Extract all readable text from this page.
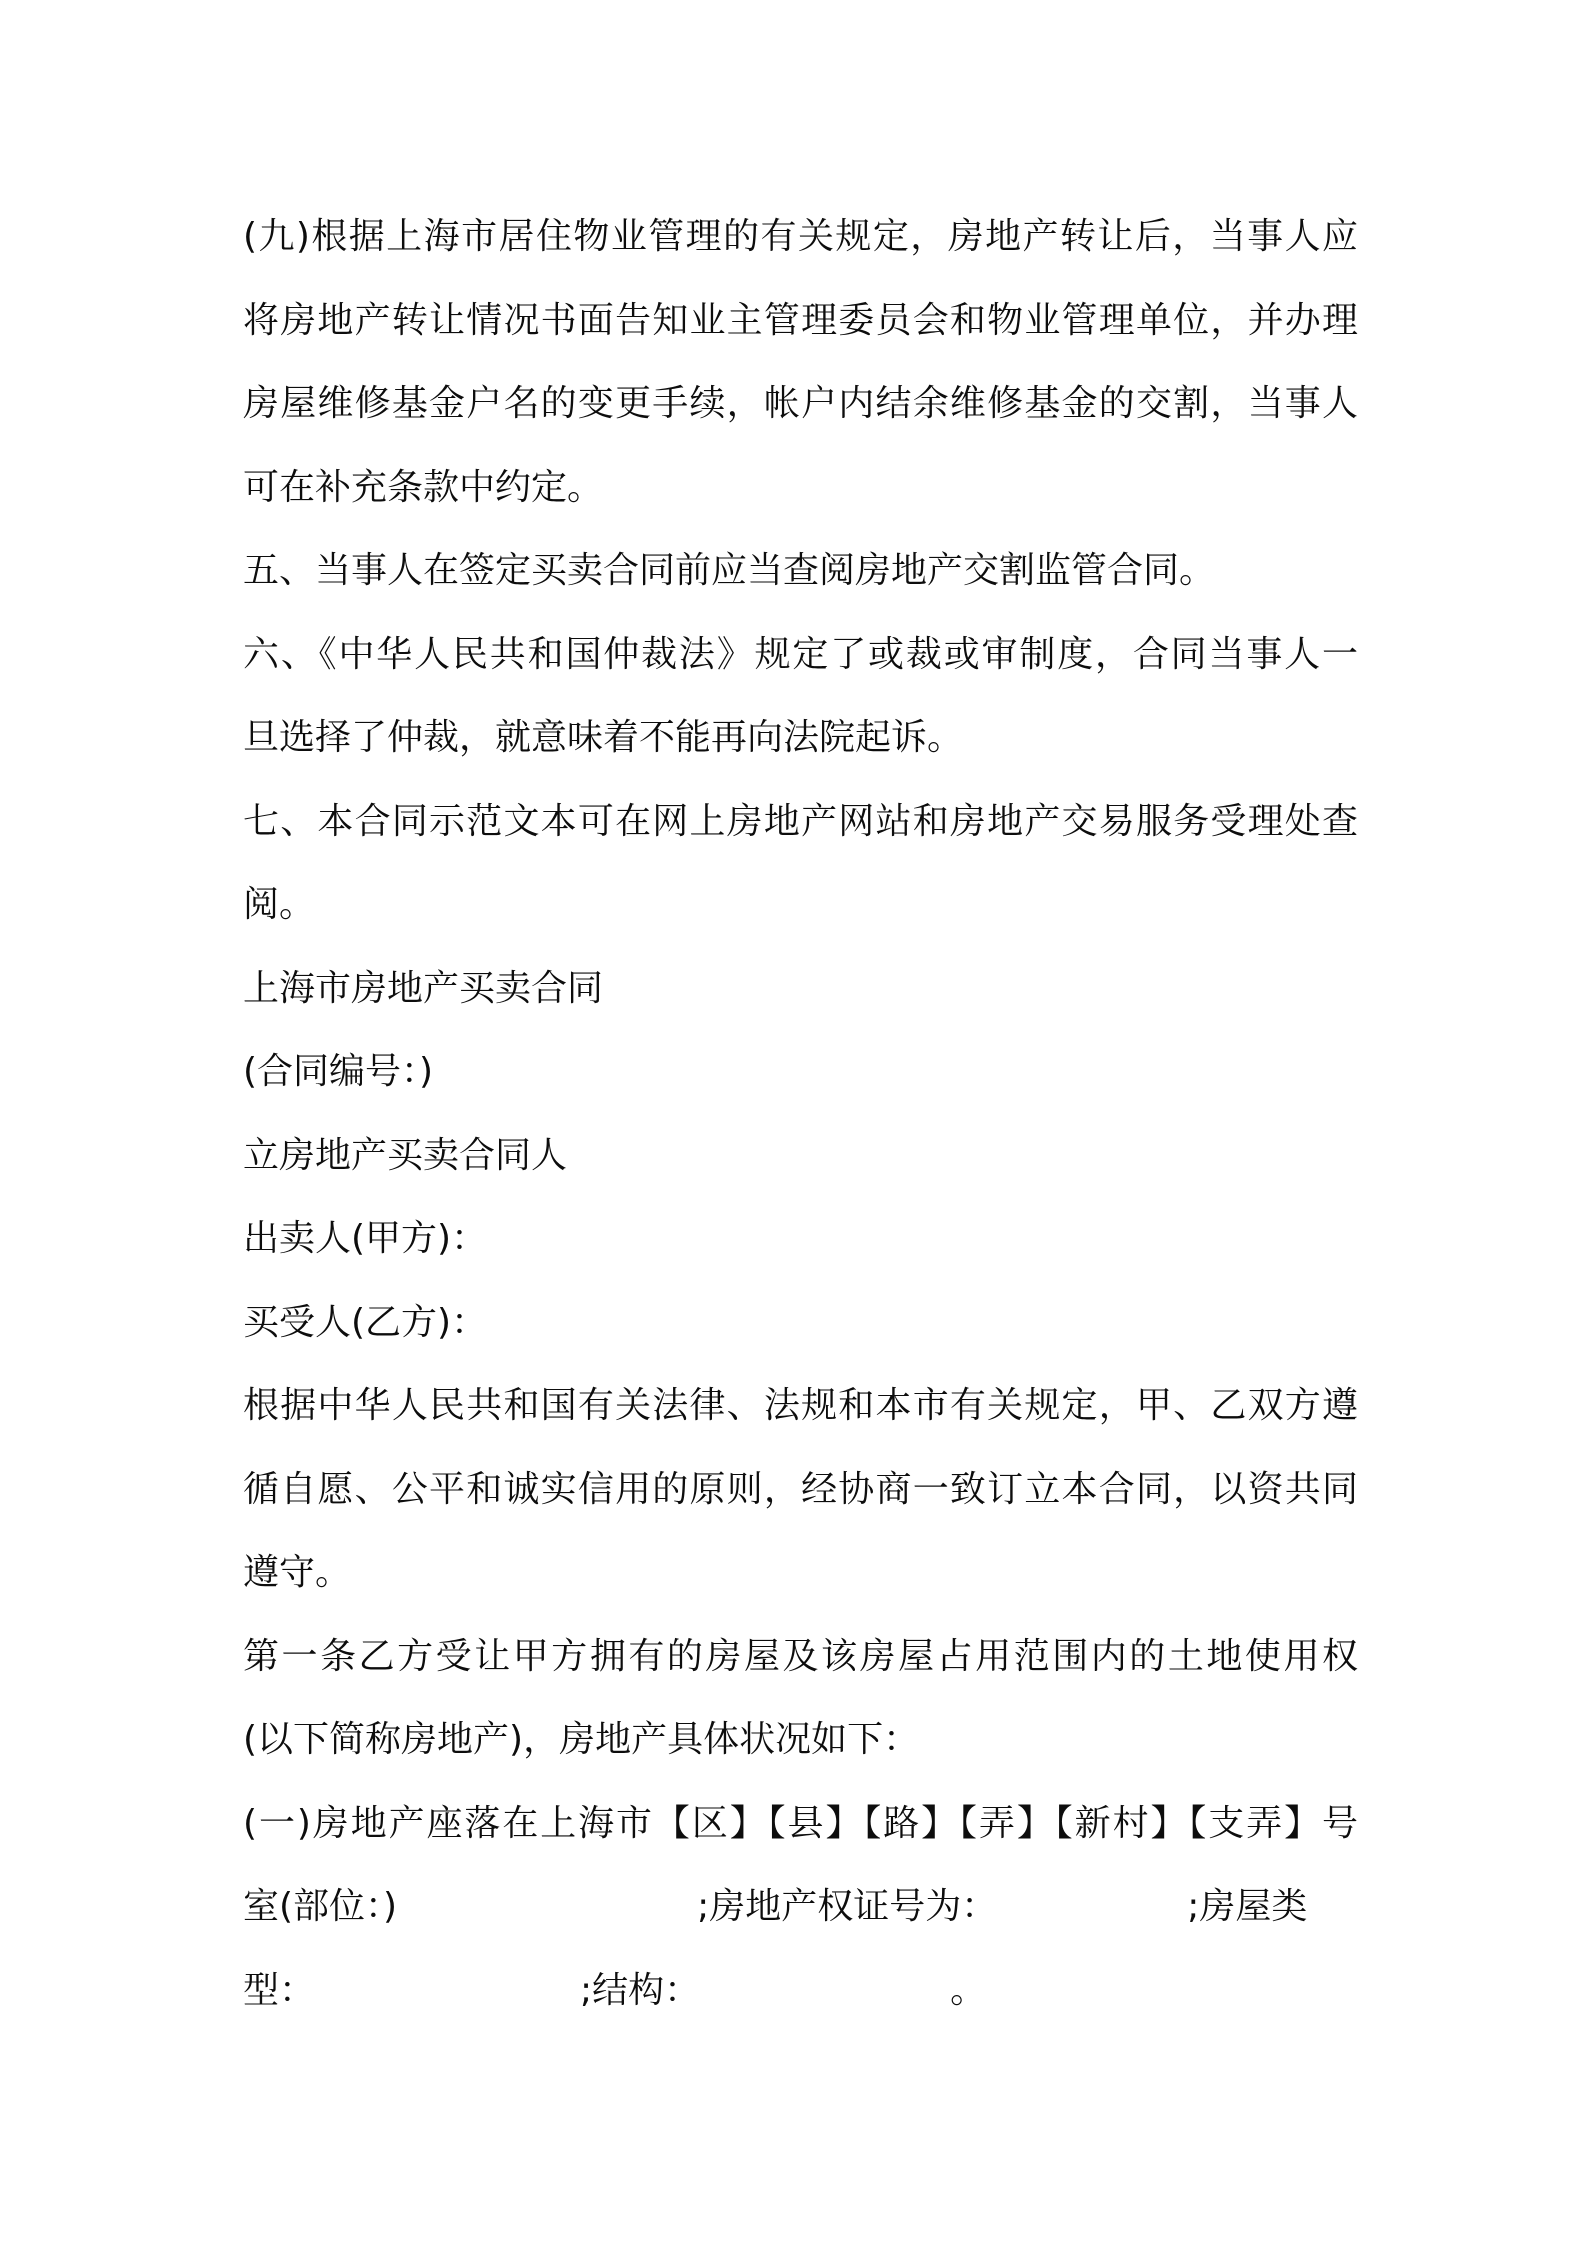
(九)根据上海市居住物业管理的有关规定，房地产转让后，当事人应
将房地产转让情况书面告知业主管理委员会和物业管理单位，并办理
房屋维修基金户名的变更手续，帐户内结余维修基金的交割，当事人
可在补充条款中约定。
五、当事人在签定买卖合同前应当查阅房地产交割监管合同。
六、《中华人民共和国仲裁法》规定了或裁或审制度，合同当事人一
旦选择了仲裁，就意味着不能再向法院起诉。
七、本合同示范文本可在网上房地产网站和房地产交易服务受理处查
阅。
上海市房地产买卖合同
(合同编号：)
立房地产买卖合同人
出卖人(甲方)：
买受人(乙方)：
根据中华人民共和国有关法律、法规和本市有关规定，甲、乙双方遵
循自愿、公平和诚实信用的原则，经协商一致订立本合同，以资共同
遵守。
第一条乙方受让甲方拥有的房屋及该房屋占用范围内的土地使用权
(以下简称房地产)，房地产具体状况如下：
(一)房地产座落在上海市【区】【县】【路】【弄】【新村】【支弄】号
室(部位：)	;房地产权证号为：	;房屋类
型：	;结构：	。
